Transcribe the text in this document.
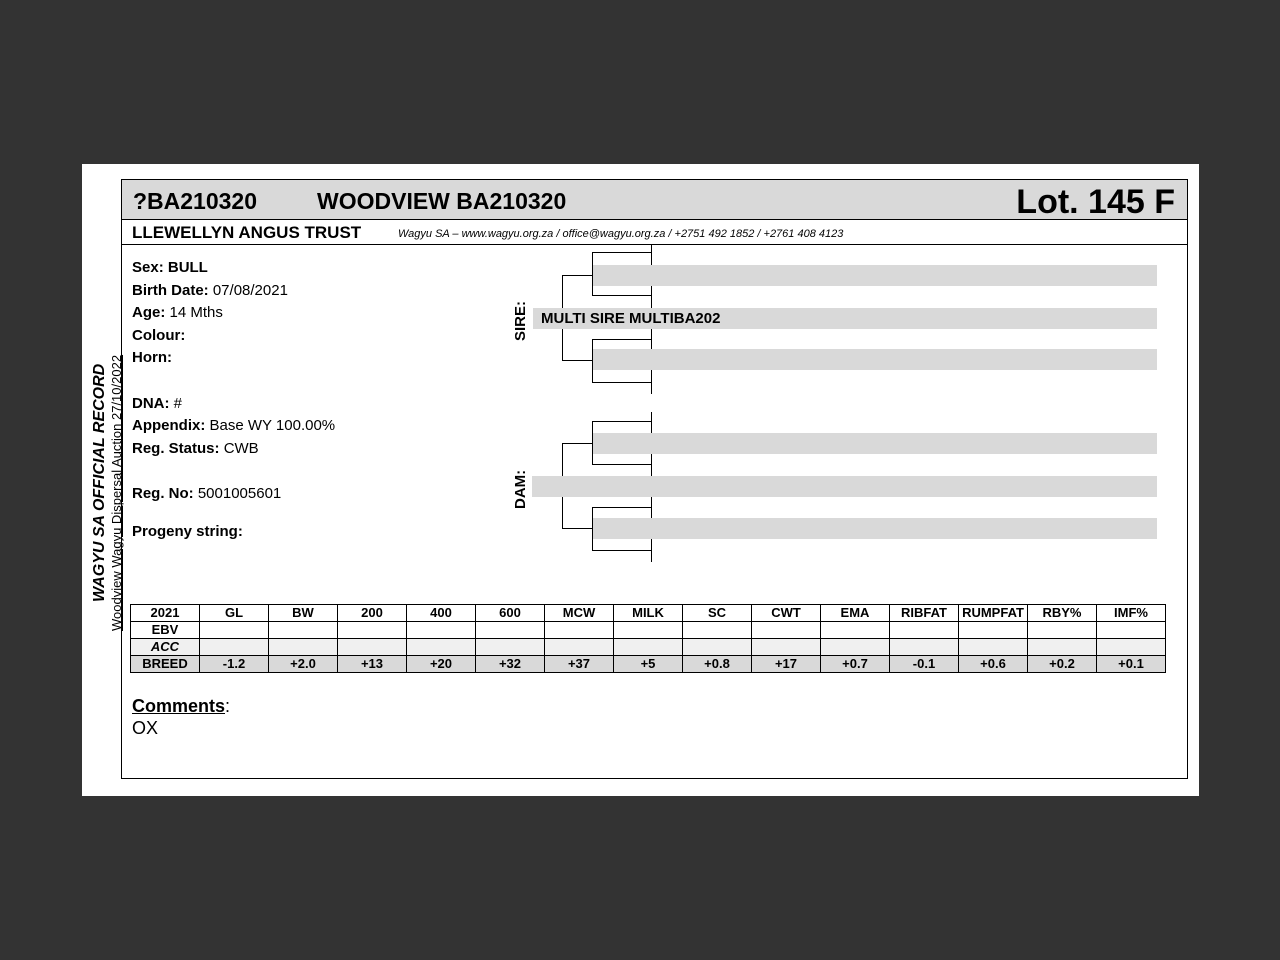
WAGYU SA OFFICIAL RECORD Woodview Wagyu Dispersal Auction 27/10/2022
?BA210320	WOODVIEW BA210320	Lot. 145 F
LLEWELLYN ANGUS TRUST	Wagyu SA – www.wagyu.org.za / office@wagyu.org.za / +2751 492 1852 / +2761 408 4123
Sex: BULL
Birth Date: 07/08/2021
Age: 14 Mths
Colour:
Horn:
DNA: #
Appendix: Base WY 100.00%
Reg. Status: CWB
Reg. No: 5001005601
Progeny string:
MULTI SIRE MULTIBA202
SIRE:
DAM:
2021	GL	BW	200	400	600	MCW	MILK	SC	CWT	EMA	RIBFAT	RUMPFAT	RBY%	IMF%
EBV														
ACC														
BREED	-1.2	+2.0	+13	+20	+32	+37	+5	+0.8	+17	+0.7	-0.1	+0.6	+0.2	+0.1
Comments:
OX
